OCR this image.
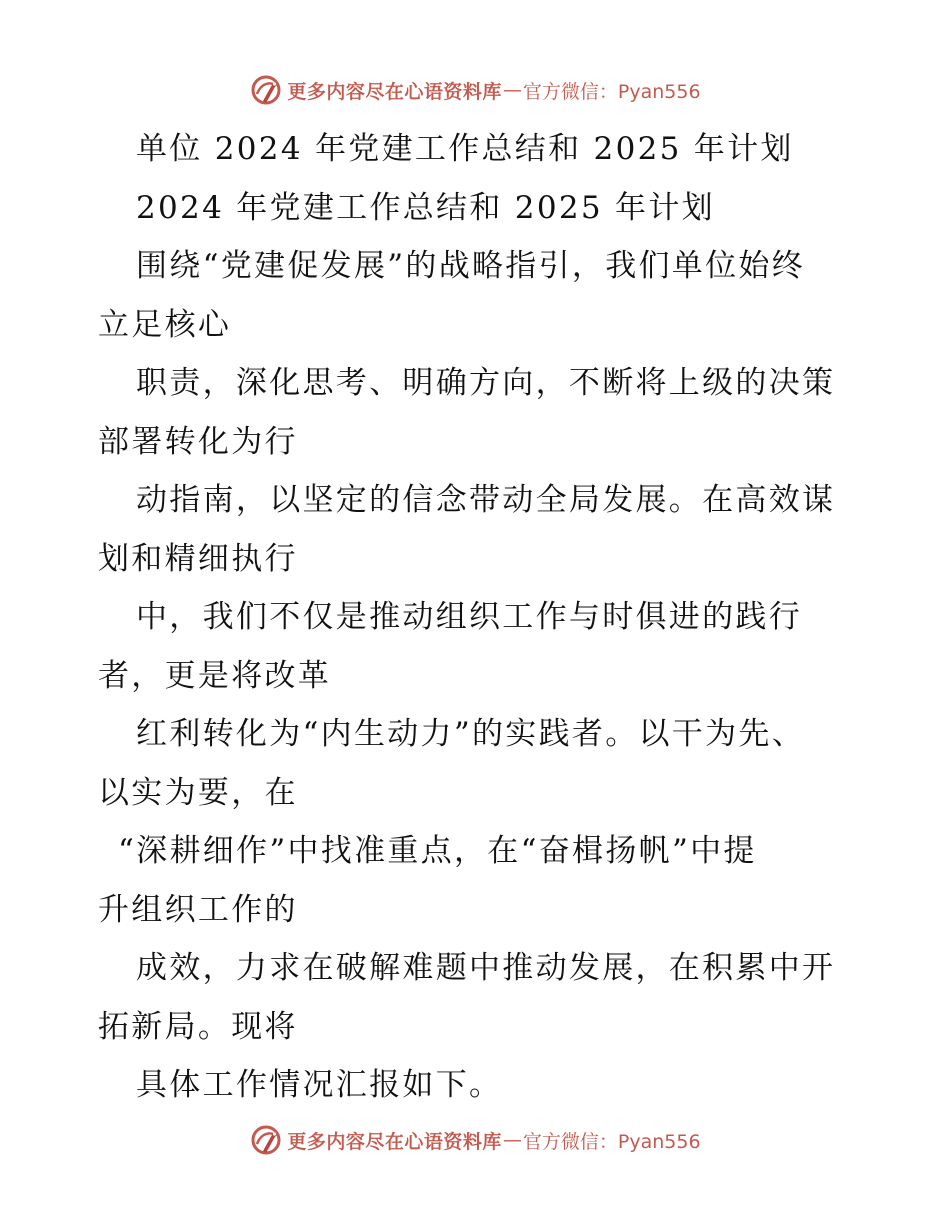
更多内容尽在心语资料库 — 官方微信：Pyan556
单位 2024 年党建工作总结和 2025 年计划
2024 年党建工作总结和 2025 年计划
围绕“党建促发展”的战略指引，我们单位始终
立足核心
职责，深化思考、明确方向，不断将上级的决策
部署转化为行
动指南，以坚定的信念带动全局发展。在高效谋
划和精细执行
中，我们不仅是推动组织工作与时俱进的践行
者，更是将改革
红利转化为“内生动力”的实践者。以干为先、
以实为要，在
“深耕细作”中找准重点，在“奋楫扬帆”中提
升组织工作的
成效，力求在破解难题中推动发展，在积累中开
拓新局。现将
具体工作情况汇报如下。
更多内容尽在心语资料库 — 官方微信：Pyan556
